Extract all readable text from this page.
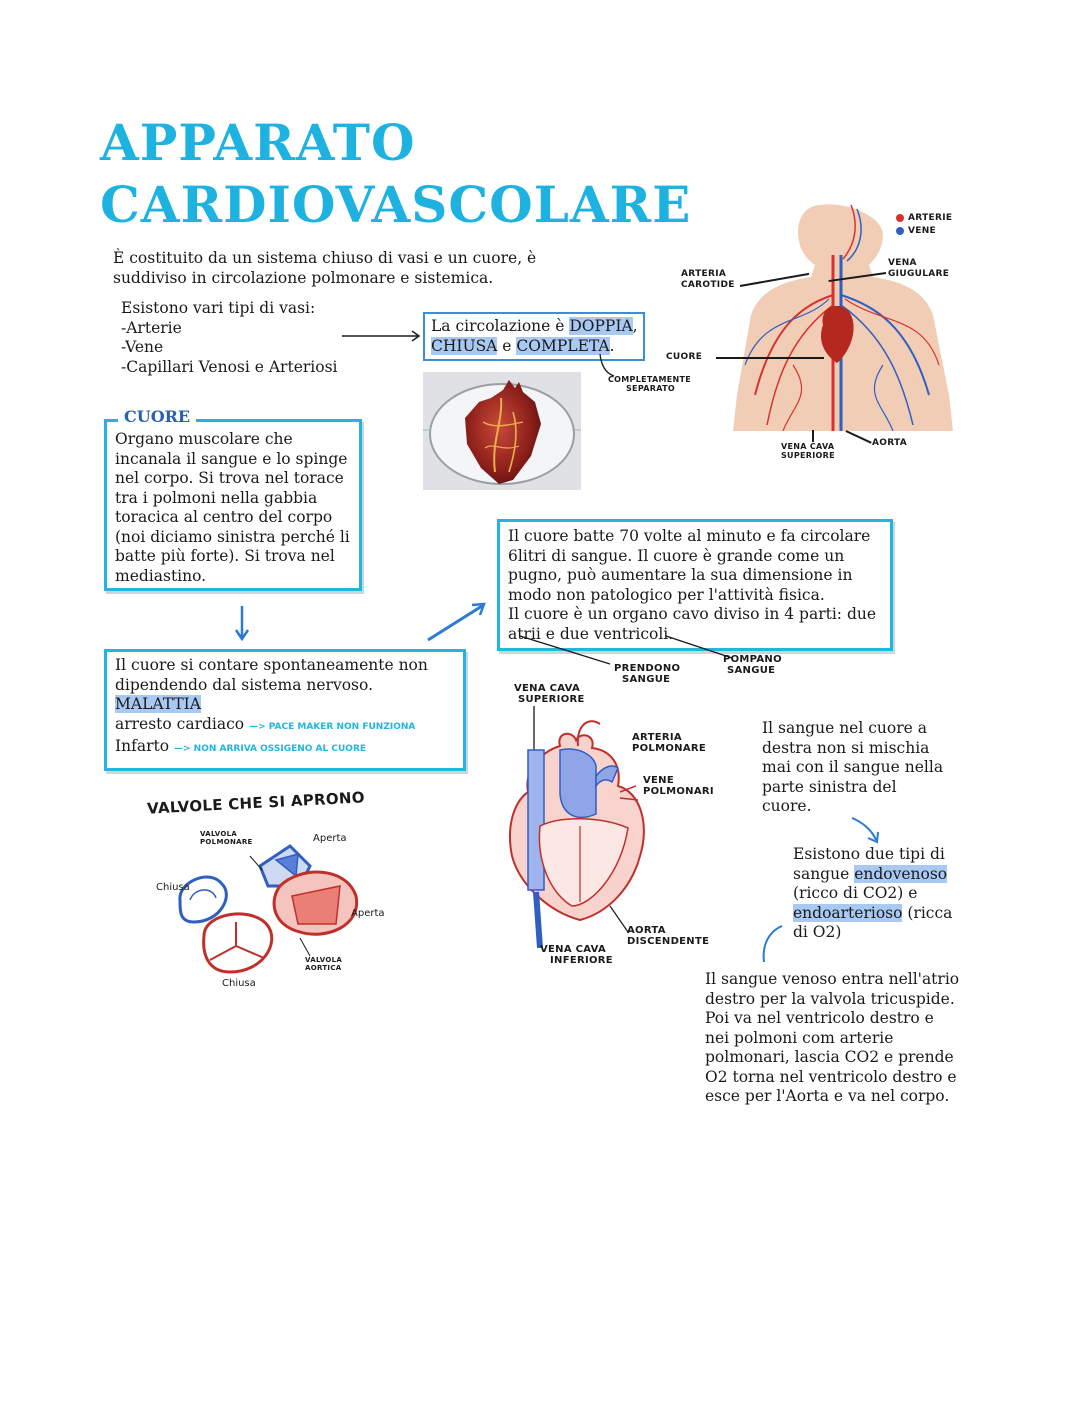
APPARATO
CARDIOVASCOLARE
È costituito da un sistema chiuso di vasi e un cuore, è
suddiviso in circolazione polmonare e sistemica.
Esistono vari tipi di vasi:
-Arterie
-Vene
-Capillari Venosi e Arteriosi
La circolazione è DOPPIA,
CHIUSA e COMPLETA.
COMPLETAMENTE
SEPARATO
ARTERIE
VENE
ARTERIA
CAROTIDE
VENA
GIUGULARE
CUORE
VENA CAVA
SUPERIORE
AORTA
Organo muscolare che
incanala il sangue e lo spinge
nel corpo. Si trova nel torace
tra i polmoni nella gabbia
toracica al centro del corpo
(noi diciamo sinistra perché li
batte più forte). Si trova nel
mediastino.
CUORE
Il cuore batte 70 volte al minuto e fa circolare
6litri di sangue. Il cuore è grande come un
pugno, può aumentare la sua dimensione in
modo non patologico per l'attività fisica.
Il cuore è un organo cavo diviso in 4 parti: due
atrii e due ventricoli.
PRENDONO
SANGUE
POMPANO
SANGUE
Il cuore si contare spontaneamente non
dipendendo dal sistema nervoso.
MALATTIA
arresto cardiaco —> PACE MAKER NON FUNZIONA
Infarto —> NON ARRIVA OSSIGENO AL CUORE
VALVOLE CHE SI APRONO
VALVOLA
POLMONARE	Aperta
Chiusa
Aperta
VALVOLA
AORTICA
Chiusa
VENA CAVA
SUPERIORE
ARTERIA
POLMONARE
VENE
POLMONARI
AORTA
DISCENDENTE
VENA CAVA
INFERIORE
Il sangue nel cuore a
destra non si mischia
mai con il sangue nella
parte sinistra del
cuore.
Esistono due tipi di
sangue endovenoso
(ricco di CO2) e
endoarterioso (ricca
di O2)
Il sangue venoso entra nell'atrio
destro per la valvola tricuspide.
Poi va nel ventricolo destro e
nei polmoni com arterie
polmonari, lascia CO2 e prende
O2 torna nel ventricolo destro e
esce per l'Aorta e va nel corpo.
